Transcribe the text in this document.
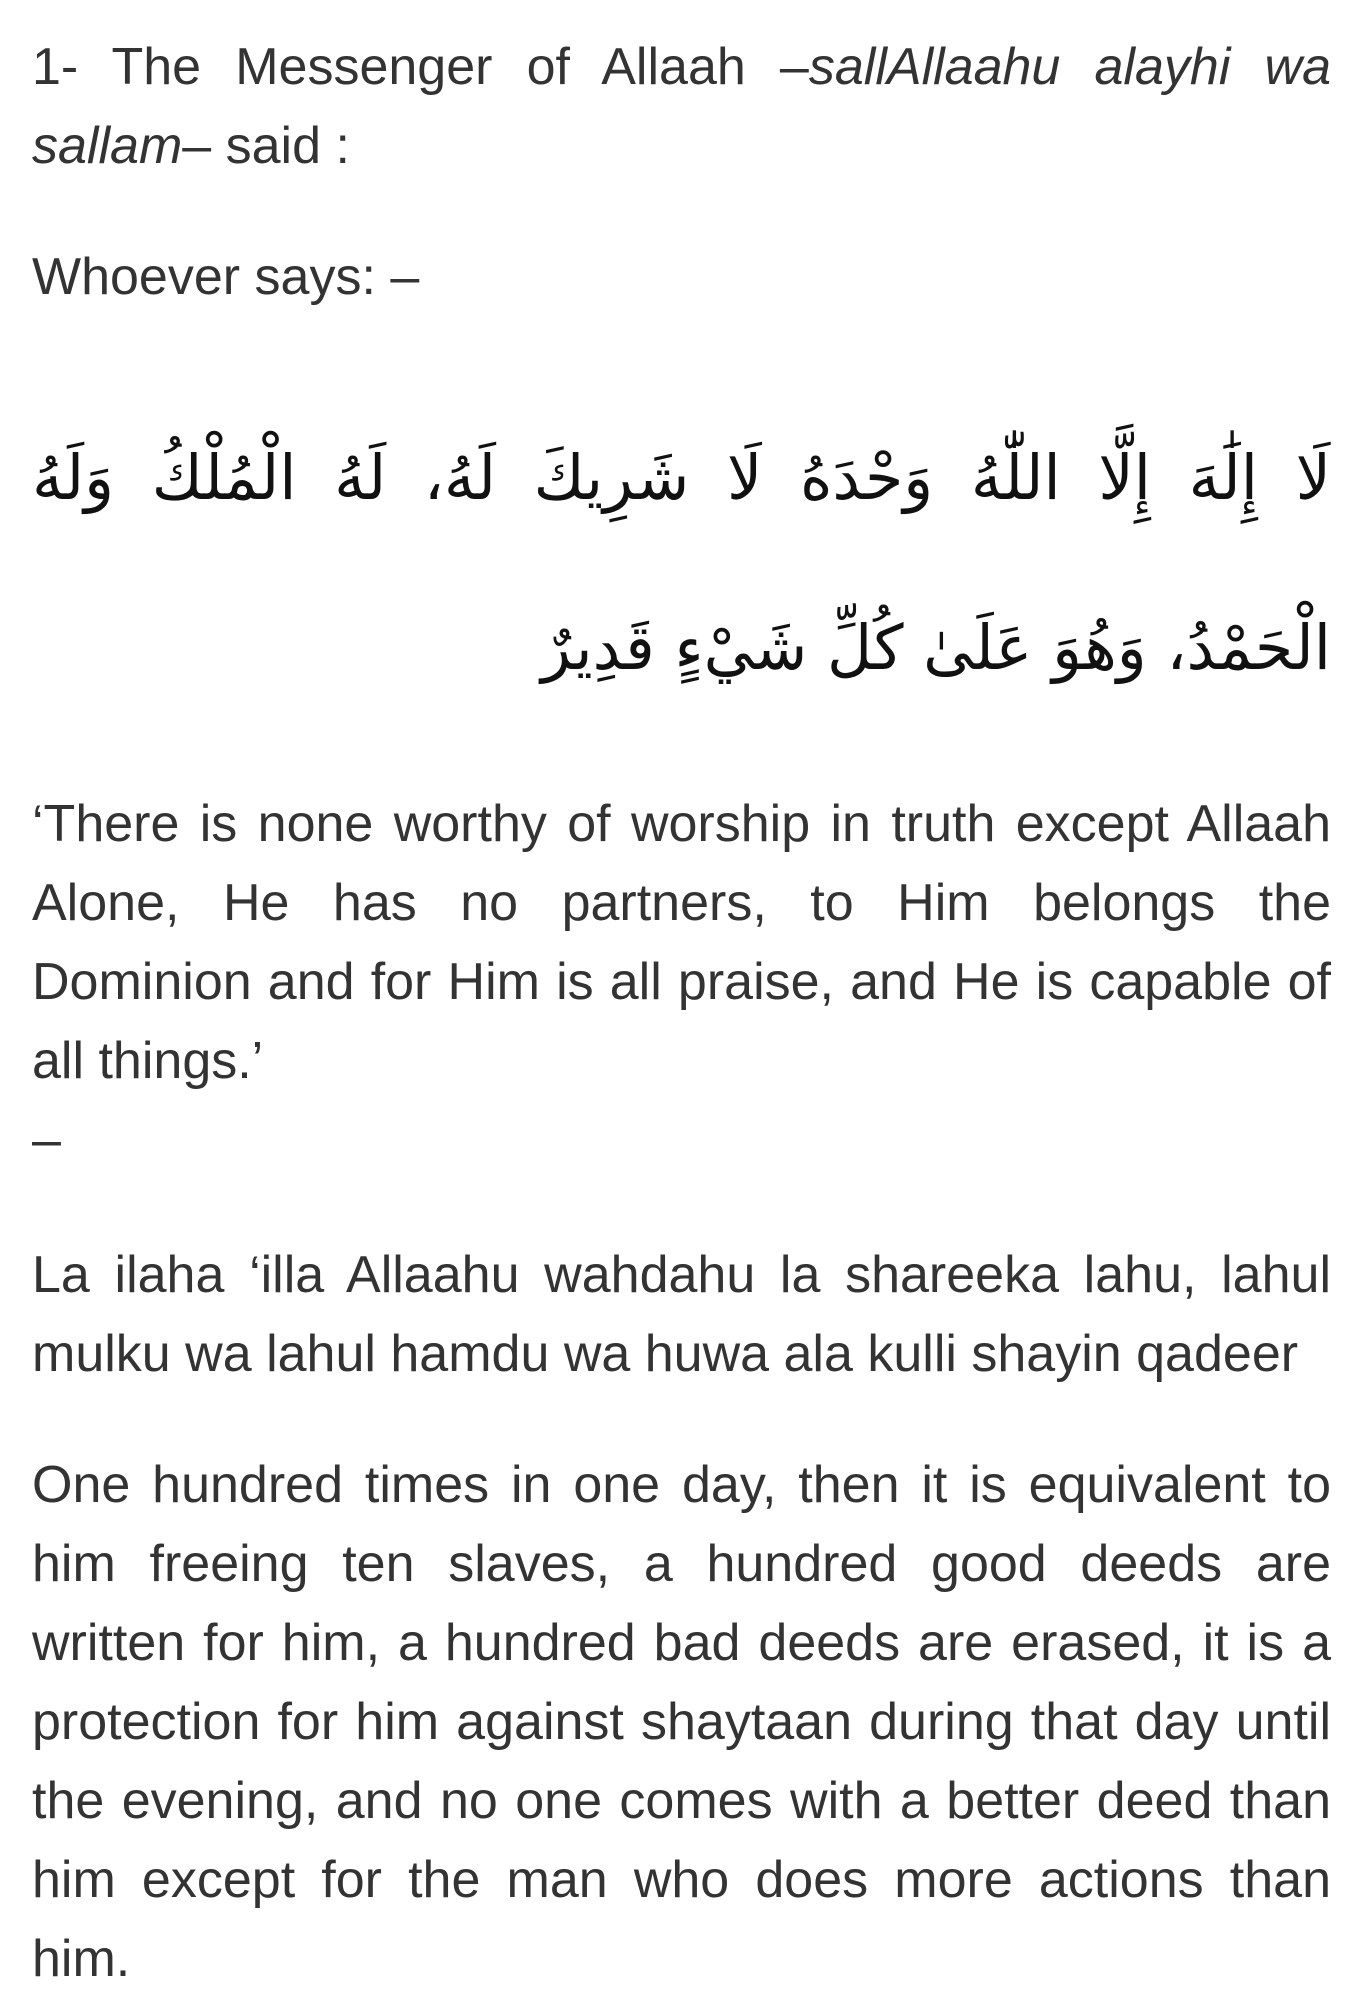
1- The Messenger of Allaah –sallAllaahu alayhi wa sallam– said :

Whoever says: –

لَا إِلَٰهَ إِلَّا اللّٰهُ وَحْدَهُ لَا شَرِيكَ لَهُ، لَهُ الْمُلْكُ وَلَهُ الْحَمْدُ، وَهُوَ عَلَىٰ كُلِّ شَيْءٍ قَدِيرٌ

‘There is none worthy of worship in truth except Allaah Alone, He has no partners, to Him belongs the Dominion and for Him is all praise, and He is capable of all things.’

–

La ilaha ‘illa Allaahu wahdahu la shareeka lahu, lahul mulku wa lahul hamdu wa huwa ala kulli shayin qadeer

One hundred times in one day, then it is equivalent to him freeing ten slaves, a hundred good deeds are written for him, a hundred bad deeds are erased, it is a protection for him against shaytaan during that day until the evening, and no one comes with a better deed than him except for the man who does more actions than him.
